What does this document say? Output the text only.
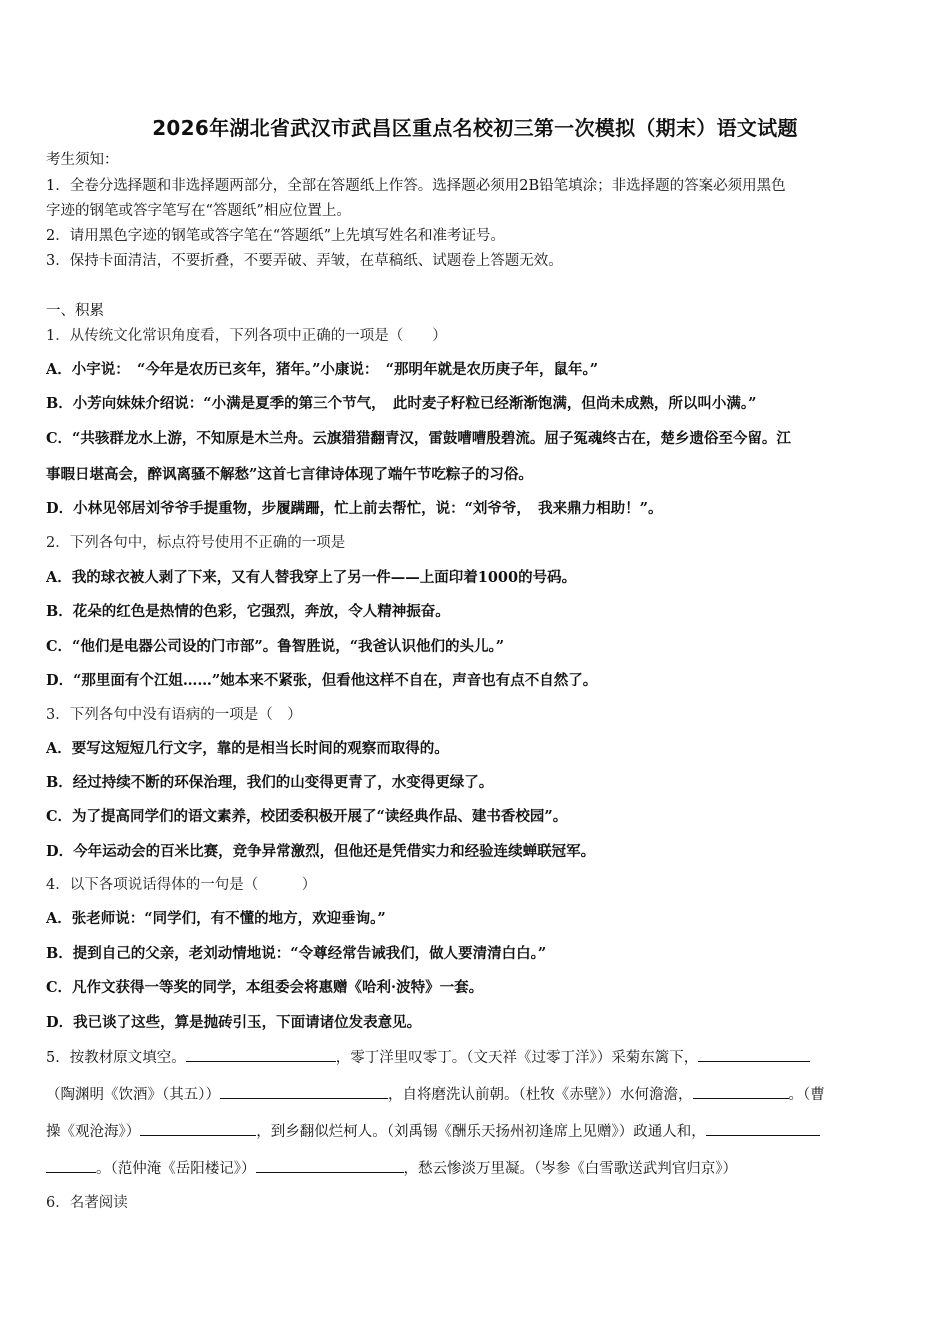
2026年湖北省武汉市武昌区重点名校初三第一次模拟（期末）语文试题
考生须知：
1．全卷分选择题和非选择题两部分，全部在答题纸上作答。选择题必须用2B铅笔填涂；非选择题的答案必须用黑色
字迹的钢笔或答字笔写在“答题纸”相应位置上。
2．请用黑色字迹的钢笔或答字笔在“答题纸”上先填写姓名和准考证号。
3．保持卡面清洁，不要折叠，不要弄破、弄皱，在草稿纸、试题卷上答题无效。
一、积累
1．从传统文化常识角度看，下列各项中正确的一项是（　　）
A．小宇说：　“今年是农历已亥年，猪年。”小康说：　“那明年就是农历庚子年，鼠年。”
B．小芳向妹妹介绍说：“小满是夏季的第三个节气，　此时麦子籽粒已经渐渐饱满，但尚未成熟，所以叫小满。”
C．“共骇群龙水上游，不知原是木兰舟。云旗猎猎翻青汉，雷鼓嘈嘈殷碧流。屈子冤魂终古在，楚乡遗俗至今留。江
事暇日堪高会，醉讽离骚不解愁”这首七言律诗体现了端午节吃粽子的习俗。
D．小林见邻居刘爷爷手提重物，步履蹒跚，忙上前去帮忙，说：“刘爷爷，　我来鼎力相助！”。
2．下列各句中，标点符号使用不正确的一项是
A．我的球衣被人剥了下来，又有人替我穿上了另一件——上面印着1000的号码。
B．花朵的红色是热情的色彩，它强烈，奔放，令人精神振奋。
C．“他们是电器公司设的门市部”。鲁智胜说，“我爸认识他们的头儿。”
D．“那里面有个江姐……”她本来不紧张，但看他这样不自在，声音也有点不自然了。
3．下列各句中没有语病的一项是（　）
A．要写这短短几行文字，靠的是相当长时间的观察而取得的。
B．经过持续不断的环保治理，我们的山变得更青了，水变得更绿了。
C．为了提高同学们的语文素养，校团委积极开展了“读经典作品、建书香校园”。
D．今年运动会的百米比赛，竞争异常激烈，但他还是凭借实力和经验连续蝉联冠军。
4．以下各项说话得体的一句是（　　　）
A．张老师说：“同学们，有不懂的地方，欢迎垂询。”
B．提到自己的父亲，老刘动情地说：“令尊经常告诫我们，做人要清清白白。”
C．凡作文获得一等奖的同学，本组委会将惠赠《哈利·波特》一套。
D．我已谈了这些，算是抛砖引玉，下面请诸位发表意见。
5．按教材原文填空。	，零丁洋里叹零丁。（文天祥《过零丁洋》）采菊东篱下，
（陶渊明《饮酒》（其五））	，自将磨洗认前朝。（杜牧《赤壁》）水何澹澹，	。（曹
操《观沧海》）	，到乡翻似烂柯人。（刘禹锡《酬乐天扬州初逢席上见赠》）政通人和，
。（范仲淹《岳阳楼记》）	，愁云惨淡万里凝。（岑参《白雪歌送武判官归京》）
6．名著阅读
